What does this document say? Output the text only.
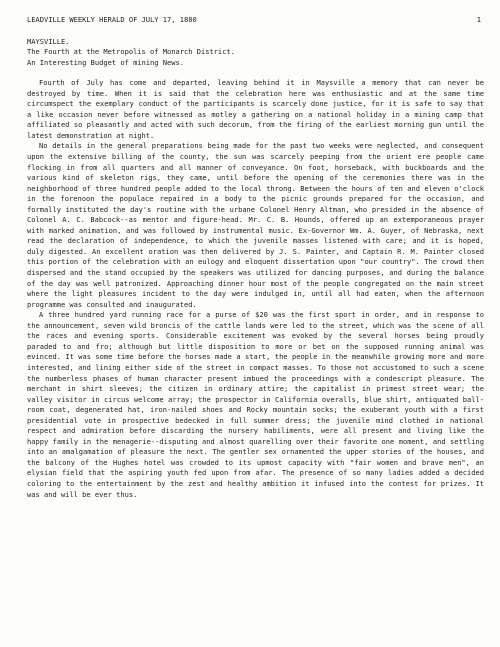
LEADVILLE WEEKLY HERALD OF JULY 17, 1880	1
MAYSVILLE.
The Fourth at the Metropolis of Monarch District.
An Interesting Budget of mining News.

Fourth of July has come and departed, leaving behind it in Maysville a memory that can never be destroyed by time. When it is said that the celebration here was enthusiastic and at the same time circumspect the exemplary conduct of the participants is scarcely done justice, for it is safe to say that a like occasion never before witnessed as motley a gathering on a national holiday in a mining camp that affiliated so pleasantly and acted with such decorum, from the firing of the earliest morning gun until the latest demonstration at night.

No details in the general preparations being made for the past two weeks were neglected, and consequent upon the extensive billing of the county, the sun was scarcely peeping from the orient ere people came flocking in from all quarters and all manner of conveyance. On foot, horseback, with buckboards and the various kind of skeleton rigs, they came, until before the opening of the ceremonies there was in the neighborhood of three hundred people added to the local throng. Between the hours of ten and eleven o'clock in the forenoon the populace repaired in a body to the picnic grounds prepared for the occasion, and formally instituted the day's routine with the urbane Colonel Henry Altman, who presided in the absence of Colonel A. C. Babcock--as mentor and figure-head. Mr. C. B. Hounds, offered up an extemporaneous prayer with marked animation, and was followed by instrumental music. Ex-Governor Wm. A. Guyer, of Nebraska, next read the declaration of independence, to which the juvenile masses listened with care; and it is hoped, duly digested. An excellent oration was then delivered by J. S. Painter, and Captain R. M. Painter closed this portion of the celebration with an eulogy and eloquent dissertation upon "our country". The crowd then dispersed and the stand occupied by the speakers was utilized for dancing purposes, and during the balance of the day was well patronized. Approaching dinner hour most of the people congregated on the main street where the light pleasures incident to the day were indulged in, until all had eaten, when the afternoon programme was consulted and inaugurated.

A three hundred yard running race for a purse of $20 was the first sport in order, and in response to the announcement, seven wild broncis of the cattle lands were led to the street, which was the scene of all the races and evening sports. Considerable excitement was evoked by the several horses being proudly paraded to and fro; although but little disposition to more or bet on the supposed running animal was evinced. It was some time before the horses made a start, the people in the meanwhile growing more and more interested, and lining either side of the street in compact masses. To those not accustomed to such a scene the numberless phases of human character present imbued the proceedings with a condescript pleasure. The merchant in shirt sleeves; the citizen in ordinary attire; the capitalist in primest street wear; the valley visitor in circus welcome array; the prospector in California overalls, blue shirt, antiquated ball-room coat, degenerated hat, iron-nailed shoes and Rocky mountain socks; the exuberant youth with a first presidential vote in prospective bedecked in full summer dress; the juvenile mind clothed in national respect and admiration before discarding the nursery habiliments, were all present and living like the happy family in the menagerie--disputing and almost quarelling over their favorite one moment, and settling into an amalgamation of pleasure the next. The gentler sex ornamented the upper stories of the houses, and the balcony of the Hughes hotel was crowded to its upmost capacity with "fair women and brave men", an elysian field that the aspiring youth fed upon from afar. The presence of so many ladies added a decided coloring to the entertainment by the zest and healthy ambition it infused into the contest for prizes. It was and will be ever thus.
